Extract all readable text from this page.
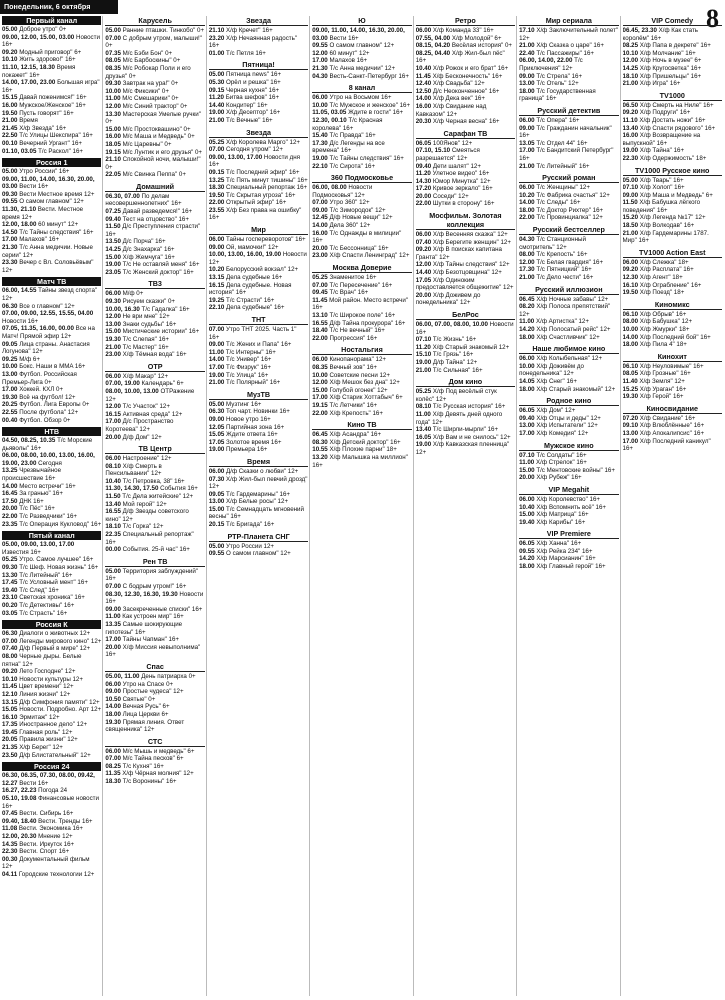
Понедельник, 6 октября	8
Первый канал
05.00 Доброе утро" 0+
09.00, 12.00, 15.00, 03.00 Новости 16+
09.20 Модный приговор" 6+
10.10 Жить здорово!" 16+
11.10, 12.15, 18.30 Время покажет" 16+
14.00, 17.00, 23.00 Большая игра" 16+
15.15 Давай поженимся!" 16+
16.00 Мужское/Женское" 16+
19.50 Пусть говорят" 16+
21.00 Время
21.45 Х/ф Звезда" 16+
22.50 Т/с Улицы Шекспира" 16+
00.10 Вечерний Ургант" 16+
01.10, 03.05 Т/с Раскол" 16+
Россия 1
05.00 Утро России" 16+
09.00, 11.00, 14.00, 16.30, 20.00, 03.00 Вести 16+
09.30 Вести Местное время 12+
09.55 О самом главном" 12+
11.30, 21.10 Вести. Местное время 12+
12.00, 18.00 60 минут" 12+
14.50 Т/с Тайны следствия" 16+
17.00 Малахов" 16+
21.30 Т/с Анна медичии. Новые серии" 12+
23.30 Вечер с Вл. Соловьёвым" 12+
Матч ТВ
06.00, 14.55 Тайны звезд спорта" 12+
06.30 Все о главном" 12+
07.00, 09.00, 12.55, 15.55, 04.00 Новости 16+
07.05, 11.35, 16.00, 00.00 Все на Матч! Прямой эфир 12+
09.05 Лица страны. Анастасия Логунова" 12+
09.25 М/ф 6+
10.00 Бокс. Наши в MMA 16+
13.00 Футбол. Российская Премьер-Лига 0+
17.00 Хоккей. КХЛ 0+
19.30 Всё на футбол! 12+
20.25 Футбол. Лига Европы 0+
22.55 После футбола" 12+
00.40 Футбол. Обзор 0+
НТВ
04.50, 08.25, 10.35 Т/с Морские дьяволы" 16+
06.00, 08.00, 10.00, 13.00, 16.00, 19.00, 23.00 Сегодня
13.25 Чрезвычайное происшествие 16+
14.00 Место встречи" 16+
16.45 За гранью" 16+
17.50 ДНК 16+
20.00 Т/с Пёс" 16+
22.00 Т/с Разведчики" 16+
23.35 Т/с Операция Кукловод" 16+
Пятый канал
05.00, 09.00, 13.00, 17.00 Известия 16+
05.25 Утро. Самое лучшее" 16+
09.30 Т/с Шеф. Новая жизнь" 16+
13.30 Т/с Литейный" 16+
17.45 Т/с Условный мент" 16+
19.40 Т/с След" 16+
23.10 Светская хроника" 16+
00.20 Т/с Детективы" 16+
03.05 Т/с Страсть" 16+
Россия К
06.30 Диалоги о животных 12+
07.00 Легенды мирового кино" 12+
07.40 Д/ф Первый в мире" 12+
08.00 Черные дыры. Белые пятна" 12+
09.20 Лето Господне" 12+
10.10 Новости культуры 12+
11.45 Цвет времени" 12+
12.10 Линия жизни" 12+
13.15 Д/ф Симфония памяти" 12+
15.05 Новости. Подробно. Арт 12+
16.10 Эрмитаж" 12+
17.35 Иностранное дело" 12+
19.45 Главная роль" 12+
20.05 Правила жизни" 12+
21.35 Х/ф Берег" 12+
23.50 Д/ф Блистательный" 12+
Россия 24
06.30, 06.35, 07.30, 08.00, 09.42, 12.27 Вести 16+
16.27, 22.23 Погода 24
05.10, 19.08 Финансовые новости 16+
07.45 Вести. Сибирь 16+
09.40, 18.40 Вести. Тренды 16+
11.08 Вести. Экономика 16+
12.00, 20.30 Мнение 12+
14.35 Вести. Иркутск 16+
22.30 Вести. Спорт 16+
00.30 Документальный фильм 12+
04.11 Городские технологии 12+
Карусель
05.00 Ранние пташки. Тинкобо" 0+
07.00 С добрым утром, малыши!" 0+
07.35 М/с Бэби Бон" 0+
08.05 М/с Барбоскины" 0+
08.35 М/с Робокар Поли и его друзья" 0+
09.30 Завтрак на ура!" 0+
10.00 М/с Фиксики" 0+
11.00 М/с Смешарики" 0+
12.00 М/с Синий трактор" 0+
13.30 Мастерская Умелые ручки" 0+
15.00 М/с Простоквашино" 0+
16.00 М/с Маша и Медведь" 0+
18.05 М/с Царевны" 0+
19.15 М/с Лунтик и его друзья" 0+
21.10 Спокойной ночи, малыши!" 0+
22.05 М/с Свинка Пеппа" 0+
Домашний
06.30, 07.00 По делам несовершеннолетних" 16+
07.25 Давай разведемся!" 16+
09.40 Тест на отцовство" 16+
11.50 Д/с Преступления страсти" 16+
13.50 Д/с Порча" 16+
14.25 Д/с Знахарка" 16+
15.00 Х/ф Жемчуга" 16+
19.00 Т/с Не оставляй меня" 16+
23.05 Т/с Женский доктор" 16+
ТВ3
06.00 М/ф 0+
09.30 Рисуем сказки" 0+
10.00, 16.30 Т/с Гадалка" 16+
12.00 Не ври мне" 12+
13.00 Знаки судьбы" 16+
15.00 Мистические истории" 16+
19.30 Т/с Слепая" 16+
21.00 Т/с Мастер" 16+
23.00 Х/ф Тёмная вода" 16+
ОТР
06.00 Х/ф Макар" 12+
07.00, 19.00 Календарь" 6+
08.00, 10.00, 13.00 ОТРажение 12+
12.00 Т/с Участок" 12+
16.15 Активная среда" 12+
17.00 Д/с Пространство Коротеева" 12+
20.00 Д/ф Дом" 12+
ТВ Центр
06.00 Настроение" 12+
08.10 Х/ф Смерть в Пенсильвании" 12+
10.40 Т/с Петровка, 38" 16+
11.30, 14.30, 17.50 События 16+
11.50 Т/с Дела житейские" 12+
13.40 Мой герой" 12+
16.55 Д/ф Звезды советского кино" 12+
18.10 Т/с Горка" 12+
22.35 Специальный репортаж" 16+
00.00 События. 25-й час" 16+
Рен ТВ
05.00 Территория заблуждений" 16+
07.00 С бодрым утром!" 16+
08.30, 12.30, 16.30, 19.30 Новости 16+
09.00 Засекреченные списки" 16+
11.00 Как устроен мир" 16+
13.35 Самые шокирующие гипотезы" 16+
17.00 Тайны Чапман" 16+
20.00 Х/ф Миссия невыполнима" 16+
Спас
05.00, 11.00 День патриарха 0+
06.00 Утро на Спасе 0+
09.00 Простые чудеса" 12+
10.50 Святые" 0+
14.00 Вечная Русь" 6+
18.00 Лица Церкви 6+
19.30 Прямая линия. Ответ священника" 12+
СТС
06.00 М/с Мышь и медведь" 6+
07.00 М/с Тайна песков" 6+
08.25 Т/с Кухня" 16+
11.35 Х/ф Чёрная молния" 12+
18.30 Т/с Воронины" 16+
Звезда
21.10 Х/ф Кречет" 16+
23.20 Х/ф Нечаянная радость" 16+
01.00 Т/с Петля 16+
Пятница!
05.00 Пятница news" 16+
05.30 Орёл и решка" 16+
09.15 Черная кухня" 16+
11.20 Битва шефов" 16+
14.40 Кондитер" 16+
19.00 Х/ф Десептор" 16+
21.00 Т/с Вечные" 16+
Звезда
05.25 Х/ф Королева Марго" 12+
07.00 Сегодня утром" 12+
09.00, 13.00, 17.00 Новости дня 16+
09.15 Т/с Последний эфир" 16+
13.25 Т/с Пять минут тишины" 16+
18.30 Специальный репортаж 16+
19.50 Т/с Скрытая угроза" 16+
22.00 Открытый эфир" 16+
23.55 Х/ф Без права на ошибку" 16+
Мир
06.00 Тайны госпереворотов" 16+
09.00 Ой, мамочки!" 12+
10.00, 13.00, 16.00, 19.00 Новости 12+
10.20 Белорусский вокзал" 12+
13.15 Дела судебные 16+
16.15 Дела судебные. Новая история" 16+
19.25 Т/с Страсти" 16+
22.10 Дела судебные" 16+
ТНТ
07.00 Утро ТНТ 2025. Часть 1" 16+
09.00 Т/с Жених и Папа" 16+
11.00 Т/с Интерны" 16+
14.00 Т/с Универ" 16+
17.00 Т/с Физрук" 16+
19.00 Т/с Улица" 16+
21.00 Т/с Полярный" 16+
МузТВ
05.00 Музтинг 16+
06.30 Топ чарт. Новинки 16+
09.00 Новое утро 16+
12.05 Партийная зона 16+
15.05 Ждите ответа 16+
17.05 Золотое время 16+
19.00 Премьера 16+
Время
06.00 Д/ф Сказки о любви" 12+
07.30 Х/ф Жил-был певчий дрозд" 12+
09.05 Т/с Гардемарины" 16+
13.00 Х/ф Белые росы" 12+
15.00 Т/с Семнадцать мгновений весны" 16+
20.15 Т/с Бригада" 16+
РТР-Планета СНГ
05.00 Утро России 12+
09.55 О самом главном" 12+
Ю
09.00, 11.00, 14.00, 16.30, 20.00, 03.00 Вести 16+
09.55 О самом главном" 12+
12.00 60 минут" 12+
17.00 Малахов 16+
21.30 Т/с Анна медичии" 12+
04.30 Весть-Санкт-Петербург 16+
8 канал
06.00 Утро на Восьмом 16+
10.00 Т/с Мужское и женское" 16+
11.05, 03.05 Ждите в гости" 16+
12.30, 00.10 Т/с Красная королева" 16+
15.40 Т/с Правда" 16+
17.30 Д/с Легенды на все времена" 16+
19.00 Т/с Тайны следствия" 16+
22.10 Т/с Сирота" 16+
360 Подмосковье
06.00, 08.00 Новости Подмосковья" 12+
07.00 Утро 360" 12+
09.00 Т/с Зимородок" 12+
12.45 Д/ф Новые вещи" 12+
14.00 Дела 360" 12+
16.00 Т/с Однажды в милиции" 16+
20.00 Т/с Бессонница" 16+
23.00 Х/ф Спасти Ленинград" 12+
Москва Доверие
05.25 Знаменитое 16+
07.00 Т/с Пересечение" 16+
09.45 Т/с Врач" 16+
11.45 Мой район. Место встречи" 16+
13.10 Т/с Широкое поле" 16+
16.55 Д/ф Тайна прокурора" 16+
18.40 Т/с Не вечный" 16+
22.00 Прогрессия" 16+
Ностальгия
06.00 Кинопанорама" 12+
08.35 Вечный зов" 16+
10.00 Советские песни 12+
12.00 Х/ф Мешок без дна" 12+
15.00 Голубой огонек" 12+
17.00 Х/ф Старик Хоттабыч" 6+
19.15 Т/с Летчики" 16+
22.00 Х/ф Крепость" 16+
Кино ТВ
06.45 Х/ф Асандра" 16+
08.30 Х/ф Детский доктор" 16+
10.55 Х/ф Плохие парни" 18+
13.20 Х/ф Малышка на миллион" 16+
Ретро
06.00 Х/ф Команда 33" 16+
07.55, 04.00 Х/ф Молодой" 6+
08.15, 04.20 Весёлая история" 0+
08.25, 04.40 Х/ф Жил-был пёс" 16+
10.40 Х/ф Рожок и его брат" 16+
11.45 Х/ф Бесконечность" 16+
12.40 Х/ф Свадьба" 12+
12.50 Д/с Неоконченное" 16+
14.00 Х/ф Дека век" 16+
16.00 Х/ф Свидание над Кавказом" 12+
20.30 Х/ф Черная весна" 16+
Сарафан ТВ
06.05 100Янов" 12+
07.10, 15.10 Смеяться разрешается" 12+
09.40 Дети шалят" 12+
11.20 Улетное видео" 16+
14.30 Юмор Минутка" 12+
17.20 Кривое зеркало" 16+
20.00 Соседи" 12+
22.00 Шутки в сторону" 16+
Мосфильм. Золотая коллекция
06.00 Х/ф Весенняя сказка" 12+
07.40 Х/ф Берегите женщин" 12+
09.20 Х/ф В поисках капитана Гранта" 12+
12.00 Х/ф Тайны следствия" 12+
14.40 Х/ф Безотцовщина" 12+
17.05 Х/ф Одиноким предоставляется общежитие" 12+
20.00 Х/ф Доживем до понедельника" 12+
БелРос
06.00, 07.00, 08.00, 10.00 Новости 16+
07.10 Т/с Жизнь" 16+
11.20 Х/ф Старый знакомый 12+
15.10 Т/с Грязь" 16+
19.00 Д/ф Тайна" 12+
21.00 Т/с Сильная" 16+
Дом кино
05.25 Х/ф Под весёлый стук колёс" 12+
08.10 Т/с Русская история" 16+
11.00 Х/ф Девять дней одного года" 12+
13.40 Т/с Ширли-мырли" 16+
16.05 Х/ф Вам и не снилось" 12+
19.00 Х/ф Кавказская пленница" 12+
Мир сериала
17.10 Х/ф Заключительный полет" 12+
21.00 Х/ф Сказка о царе" 16+
22.40 Т/с Пассажиры" 16+
06.00, 14.00, 22.00 Т/с Приключения" 12+
09.00 Т/с Стрела" 16+
13.00 Т/с Отель" 12+
18.00 Т/с Государственная граница" 16+
Русский детектив
06.00 Т/с Опера" 16+
09.00 Т/с Гражданин начальник" 16+
13.05 Т/с Отдел 44" 16+
17.00 Т/с Бандитский Петербург" 16+
21.00 Т/с Литейный" 16+
Русский роман
06.00 Т/с Женщины" 12+
10.20 Т/с Фабрика счастья" 12+
14.00 Т/с Следы" 16+
18.00 Т/с Доктор Рихтер" 16+
22.00 Т/с Провинциалка" 12+
Русский бестселлер
04.30 Т/с Станционный смотритель" 12+
08.00 Т/с Крепость" 16+
12.00 Т/с Белая гвардия" 16+
17.30 Т/с Пятницкий" 16+
21.00 Т/с Дело чести" 16+
Русский иллюзион
06.45 Х/ф Ночные забавы" 12+
08.20 Х/ф Полоса препятствий" 12+
11.00 Х/ф Артистка" 12+
14.20 Х/ф Полосатый рейс" 12+
18.00 Х/ф Счастливчик" 12+
Наше любимое кино
06.00 Х/ф Колыбельная" 12+
10.00 Х/ф Доживём до понедельника" 12+
14.05 Х/ф Снег" 16+
18.00 Х/ф Старый знакомый" 12+
Родное кино
06.05 Х/ф Дом" 12+
09.40 Х/ф Отцы и деды" 12+
13.00 Х/ф Испытатели" 12+
17.00 Х/ф Комедия" 12+
Мужское кино
07.10 Т/с Солдаты" 16+
11.00 Х/ф Стрелок" 16+
15.00 Т/с Ментовские войны" 16+
20.00 Х/ф Рубеж" 16+
VIP Megahit
06.00 Х/ф Королевство" 16+
10.40 Х/ф Вспомнить всё" 16+
15.00 Х/ф Матрица" 16+
19.40 Х/ф Карибы" 16+
VIP Premiere
06.05 Х/ф Ханна" 16+
09.55 Х/ф Рейка 234" 16+
14.20 Х/ф Марсианин" 16+
18.00 Х/ф Главный герой" 16+
VIP Comedy
06.45, 23.30 Х/ф Как стать королём" 16+
08.25 Х/ф Папа в декрете" 16+
10.10 Х/ф Молчание" 16+
12.00 Х/ф Ночь в музее" 6+
14.25 Х/ф Кругосветка" 16+
18.10 Х/ф Пришельцы" 16+
21.00 Х/ф Игра" 16+
TV1000
06.50 Х/ф Смерть на Ниле" 16+
09.20 Х/ф Подруги" 16+
11.10 Х/ф Достать ножи" 16+
13.40 Х/ф Спасти рядового" 16+
16.00 Х/ф Возвращение на выпускной" 16+
19.00 Х/ф Тайна" 16+
22.30 Х/ф Одержимость" 18+
TV1000 Русское кино
05.00 Х/ф Тварь" 16+
07.10 Х/ф Холоп" 16+
09.00 Х/ф Маша и Медведь" 6+
11.50 Х/ф Бабушка лёгкого поведения" 16+
15.20 Х/ф Легенда №17" 12+
18.50 Х/ф Волкодав" 16+
21.00 Х/ф Гардемарины 1787. Мир" 16+
TV1000 Action East
06.00 Х/ф Слежка" 18+
09.20 Х/ф Расплата" 16+
12.30 Х/ф Агент" 18+
16.10 Х/ф Ограбление" 16+
19.50 Х/ф Поезд" 18+
Киномикс
06.10 Х/ф Обрыв" 16+
08.00 Х/ф Бабушка" 12+
10.00 Х/ф Жмурки" 18+
14.00 Х/ф Последний бой" 16+
18.00 Х/ф Пила 4" 18+
Кинохит
06.10 Х/ф Неуловимые" 16+
08.05 Х/ф Грозные" 16+
11.40 Х/ф Земля" 12+
15.25 Х/ф Ураган" 16+
19.30 Х/ф Герой" 16+
Киносвидание
07.20 Х/ф Свидание" 16+
09.10 Х/ф Влюблённые" 16+
13.00 Х/ф Апокалипсис" 16+
17.00 Х/ф Последний каникул" 16+
